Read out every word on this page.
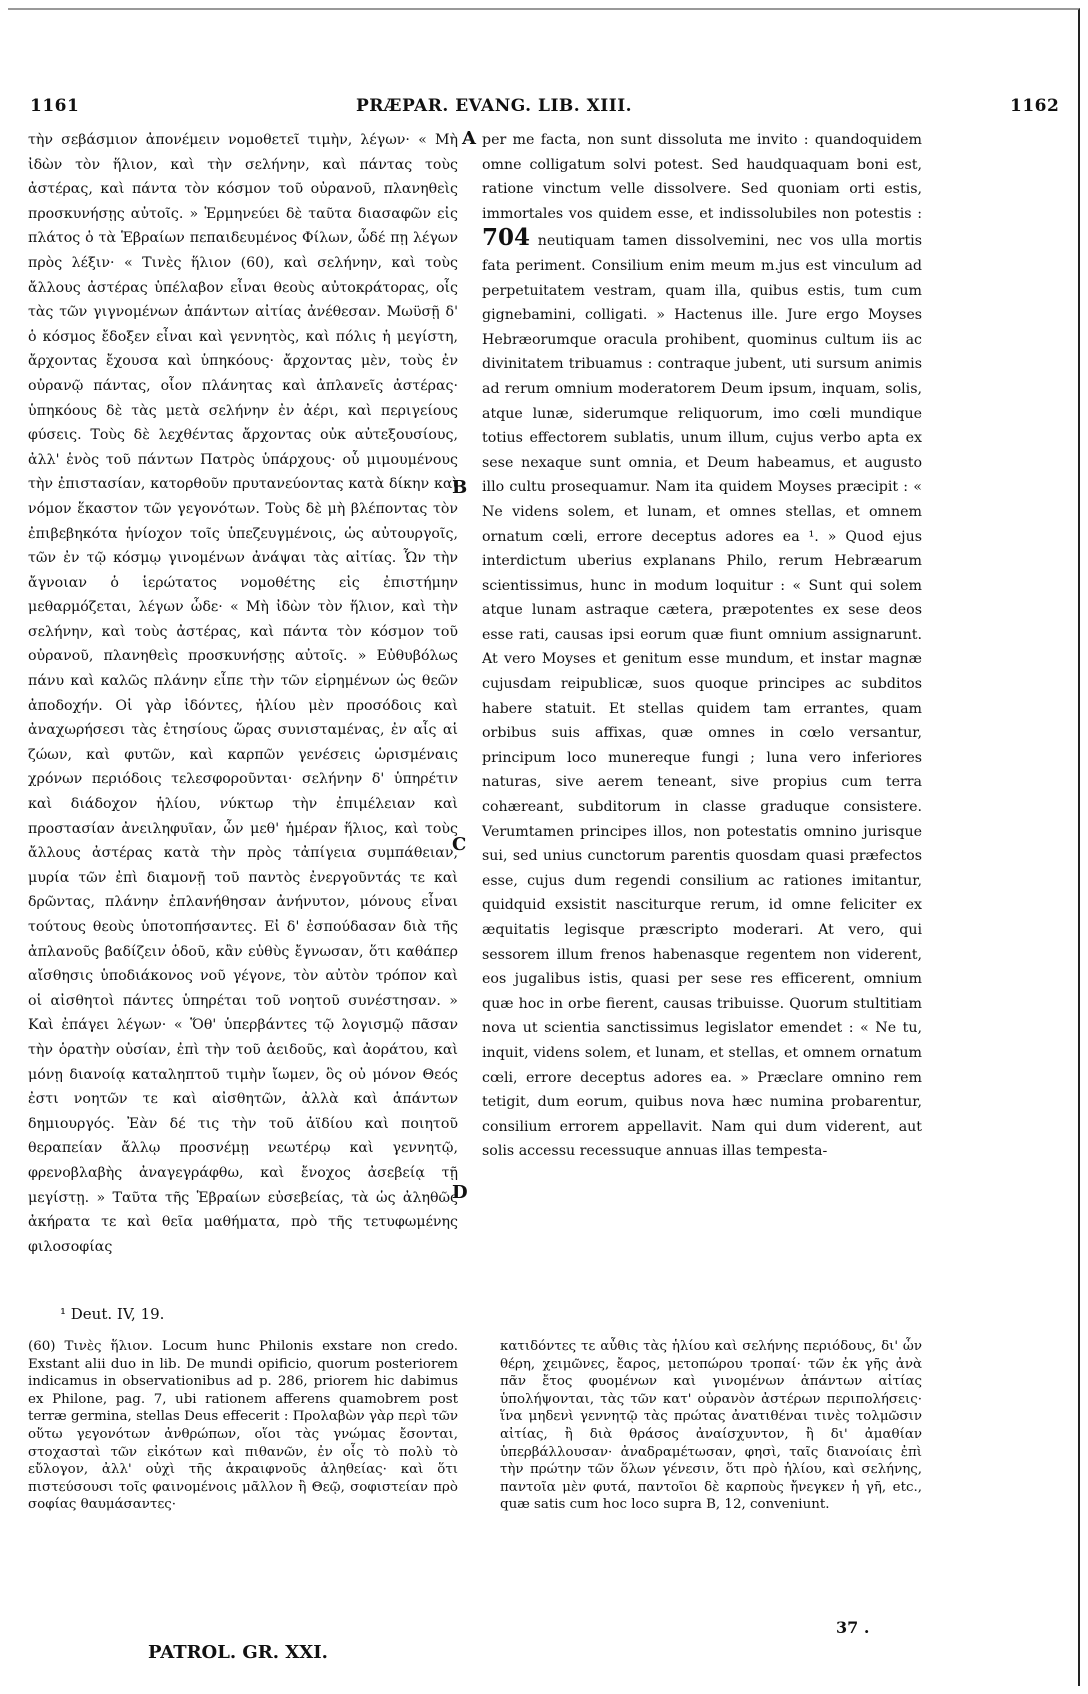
1161	PRÆPAR. EVANG. LIB. XIII.	1162

τὴν σεβάσμιον ἀπονέμειν νομοθετεῖ τιμὴν, λέγων· « Μὴ ἰδὼν τὸν ἥλιον, καὶ τὴν σελήνην, καὶ πάντας τοὺς ἀστέρας, καὶ πάντα τὸν κόσμον τοῦ οὐρανοῦ, πλανηθεὶς προσκυνήσῃς αὐτοῖς. » Ἑρμηνεύει δὲ ταῦτα διασαφῶν εἰς πλάτος ὁ τὰ Ἑβραίων πεπαιδευμένος Φίλων, ὧδέ πῃ λέγων πρὸς λέξιν· « Τινὲς ἥλιον (60), καὶ σελήνην, καὶ τοὺς ἄλλους ἀστέρας ὑπέλαβον εἶναι θεοὺς αὐτοκράτορας, οἷς τὰς τῶν γιγνομένων ἁπάντων αἰτίας ἀνέθεσαν. Μωϋσῇ δ' ὁ κόσμος ἔδοξεν εἶναι καὶ γεννητὸς, καὶ πόλις ἡ μεγίστη, ἄρχοντας ἔχουσα καὶ ὑπηκόους· ἄρχοντας μὲν, τοὺς ἐν οὐρανῷ πάντας, οἷον πλάνητας καὶ ἀπλανεῖς ἀστέρας· ὑπηκόους δὲ τὰς μετὰ σελήνην ἐν ἀέρι, καὶ περιγείους φύσεις. Τοὺς δὲ λεχθέντας ἄρχοντας οὐκ αὐτεξουσίους, ἀλλ' ἑνὸς τοῦ πάντων Πατρὸς ὑπάρχους· οὗ μιμουμένους τὴν ἐπιστασίαν, κατορθοῦν πρυτανεύοντας κατὰ δίκην καὶ νόμον ἕκαστον τῶν γεγονότων. Τοὺς δὲ μὴ βλέποντας τὸν ἐπιβεβηκότα ἡνίοχον τοῖς ὑπεζευγμένοις, ὡς αὐτουργοῖς, τῶν ἐν τῷ κόσμῳ γινομένων ἀνάψαι τὰς αἰτίας. Ὧν τὴν ἄγνοιαν ὁ ἱερώτατος νομοθέτης εἰς ἐπιστήμην μεθαρμόζεται, λέγων ὧδε· « Μὴ ἰδὼν τὸν ἥλιον, καὶ τὴν σελήνην, καὶ τοὺς ἀστέρας, καὶ πάντα τὸν κόσμον τοῦ οὐρανοῦ, πλανηθεὶς προσκυνήσῃς αὐτοῖς. » Εὐθυβόλως πάνυ καὶ καλῶς πλάνην εἶπε τὴν τῶν εἰρημένων ὡς θεῶν ἀποδοχήν. Οἱ γὰρ ἰδόντες, ἡλίου μὲν προσόδοις καὶ ἀναχωρήσεσι τὰς ἐτησίους ὥρας συνισταμένας, ἐν αἷς αἱ ζώων, καὶ φυτῶν, καὶ καρπῶν γενέσεις ὡρισμέναις χρόνων περιόδοις τελεσφοροῦνται· σελήνην δ' ὑπηρέτιν καὶ διάδοχον ἡλίου, νύκτωρ τὴν ἐπιμέλειαν καὶ προστασίαν ἀνειληφυῖαν, ὧν μεθ' ἡμέραν ἥλιος, καὶ τοὺς ἄλλους ἀστέρας κατὰ τὴν πρὸς τἀπίγεια συμπάθειαν, μυρία τῶν ἐπὶ διαμονῇ τοῦ παντὸς ἐνεργοῦντάς τε καὶ δρῶντας, πλάνην ἐπλανήθησαν ἀνήνυτον, μόνους εἶναι τούτους θεοὺς ὑποτοπήσαντες. Εἰ δ' ἐσπούδασαν διὰ τῆς ἀπλανοῦς βαδίζειν ὁδοῦ, κἂν εὐθὺς ἔγνωσαν, ὅτι καθάπερ αἴσθησις ὑποδιάκονος νοῦ γέγονε, τὸν αὐτὸν τρόπον καὶ οἱ αἰσθητοὶ πάντες ὑπηρέται τοῦ νοητοῦ συνέστησαν. » Καὶ ἐπάγει λέγων· « Ὅθ' ὑπερβάντες τῷ λογισμῷ πᾶσαν τὴν ὁρατὴν οὐσίαν, ἐπὶ τὴν τοῦ ἀειδοῦς, καὶ ἀοράτου, καὶ μόνῃ διανοίᾳ καταληπτοῦ τιμὴν ἴωμεν, ὃς οὐ μόνον Θεός ἐστι νοητῶν τε καὶ αἰσθητῶν, ἀλλὰ καὶ ἁπάντων δημιουργός. Ἐὰν δέ τις τὴν τοῦ ἀϊδίου καὶ ποιητοῦ θεραπείαν ἄλλῳ προσνέμῃ νεωτέρῳ καὶ γεννητῷ, φρενοβλαβὴς ἀναγεγράφθω, καὶ ἔνοχος ἀσεβείᾳ τῇ μεγίστῃ. » Ταῦτα τῆς Ἑβραίων εὐσεβείας, τὰ ὡς ἀληθῶς ἀκήρατα τε καὶ θεῖα μαθήματα, πρὸ τῆς τετυφωμένης φιλοσοφίας

A
B
C
D

per me facta, non sunt dissoluta me invito : quandoquidem omne colligatum solvi potest. Sed haudquaquam boni est, ratione vinctum velle dissolvere. Sed quoniam orti estis, immortales vos quidem esse, et indissolubiles non potestis : 704 neutiquam tamen dissolvemini, nec vos ulla mortis fata periment. Consilium enim meum m.jus est vinculum ad perpetuitatem vestram, quam illa, quibus estis, tum cum gignebamini, colligati. » Hactenus ille. Jure ergo Moyses Hebræorumque oracula prohibent, quominus cultum iis ac divinitatem tribuamus : contraque jubent, uti sursum animis ad rerum omnium moderatorem Deum ipsum, inquam, solis, atque lunæ, siderumque reliquorum, imo cœli mundique totius effectorem sublatis, unum illum, cujus verbo apta ex sese nexaque sunt omnia, et Deum habeamus, et augusto illo cultu prosequamur. Nam ita quidem Moyses præcipit : « Ne videns solem, et lunam, et omnes stellas, et omnem ornatum cœli, errore deceptus adores ea ¹. » Quod ejus interdictum uberius explanans Philo, rerum Hebræarum scientissimus, hunc in modum loquitur : « Sunt qui solem atque lunam astraque cætera, præpotentes ex sese deos esse rati, causas ipsi eorum quæ fiunt omnium assignarunt. At vero Moyses et genitum esse mundum, et instar magnæ cujusdam reipublicæ, suos quoque principes ac subditos habere statuit. Et stellas quidem tam errantes, quam orbibus suis affixas, quæ omnes in cœlo versantur, principum loco munereque fungi ; luna vero inferiores naturas, sive aerem teneant, sive propius cum terra cohæreant, subditorum in classe graduque consistere. Verumtamen principes illos, non potestatis omnino jurisque sui, sed unius cunctorum parentis quosdam quasi præfectos esse, cujus dum regendi consilium ac rationes imitantur, quidquid exsistit nasciturque rerum, id omne feliciter ex æquitatis legisque præscripto moderari. At vero, qui sessorem illum frenos habenasque regentem non viderent, eos jugalibus istis, quasi per sese res efficerent, omnium quæ hoc in orbe fierent, causas tribuisse. Quorum stultitiam nova ut scientia sanctissimus legislator emendet : « Ne tu, inquit, videns solem, et lunam, et stellas, et omnem ornatum cœli, errore deceptus adores ea. » Præclare omnino rem tetigit, dum eorum, quibus nova hæc numina probarentur, consilium errorem appellavit. Nam qui dum viderent, aut solis accessu recessuque annuas illas tempesta-

¹ Deut. IV, 19.
(60) Τινὲς ἥλιον. Locum hunc Philonis exstare non credo. Exstant alii duo in lib. De mundi opificio, quorum posteriorem indicamus in observationibus ad p. 286, priorem hic dabimus ex Philone, pag. 7, ubi rationem afferens quamobrem post terræ germina, stellas Deus effecerit : Προλαβὼν γὰρ περὶ τῶν οὕτω γεγονότων ἀνθρώπων, οἵοι τὰς γνώμας ἔσονται, στοχασταὶ τῶν εἰκότων καὶ πιθανῶν, ἐν οἷς τὸ πολὺ τὸ εὔλογον, ἀλλ' οὐχὶ τῆς ἀκραιφνοῦς ἀληθείας· καὶ ὅτι πιστεύσουσι τοῖς φαινομένοις μᾶλλον ἢ Θεῷ, σοφιστείαν πρὸ σοφίας θαυμάσαντες·
κατιδόντες τε αὖθις τὰς ἡλίου καὶ σελήνης περιόδους, δι' ὧν θέρη, χειμῶνες, ἔαρος, μετοπώρου τροπαί· τῶν ἐκ γῆς ἀνὰ πᾶν ἔτος φυομένων καὶ γινομένων ἁπάντων αἰτίας ὑπολήψονται, τὰς τῶν κατ' οὐρανὸν ἀστέρων περιπολήσεις· ἵνα μηδενὶ γεννητῷ τὰς πρώτας ἀνατιθέναι τινὲς τολμῶσιν αἰτίας, ἢ διὰ θράσος ἀναίσχυντον, ἢ δι' ἀμαθίαν ὑπερβάλλουσαν· ἀναδραμέτωσαν, φησὶ, ταῖς διανοίαις ἐπὶ τὴν πρώτην τῶν ὅλων γένεσιν, ὅτι πρὸ ἡλίου, καὶ σελήνης, παντοῖα μὲν φυτά, παντοῖοι δὲ καρποὺς ἤνεγκεν ἡ γῆ, etc., quæ satis cum hoc loco supra B, 12, conveniunt.
PATROL. GR. XXI.
37 .
